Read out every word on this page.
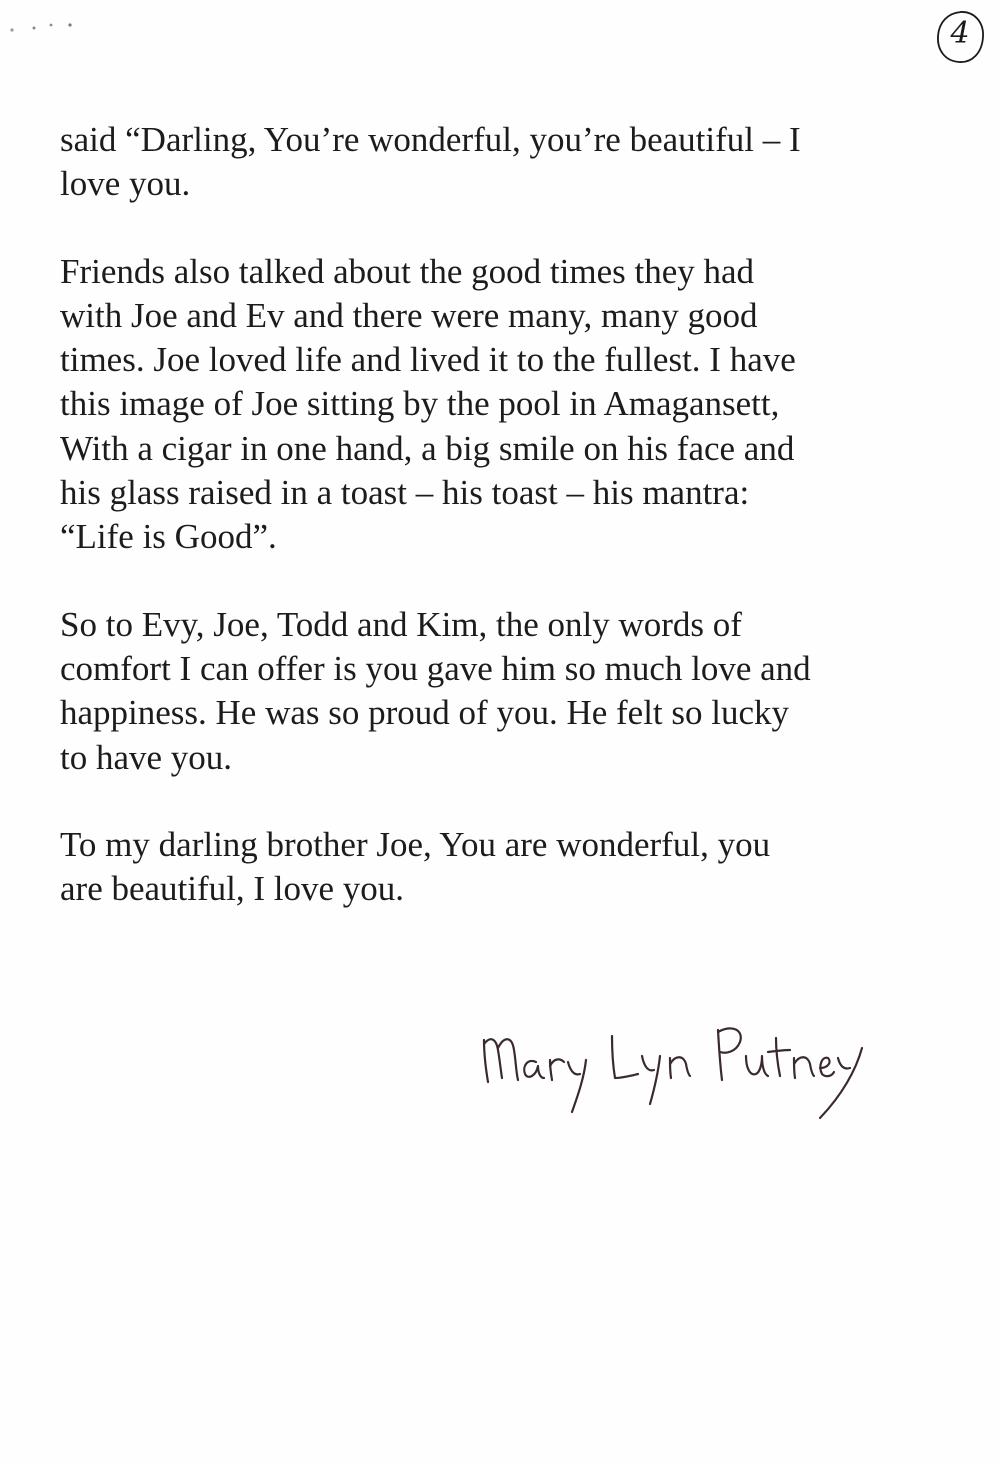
4

said “Darling, You’re wonderful, you’re beautiful – I
love you.

Friends also talked about the good times they had
with Joe and Ev and there were many, many good
times. Joe loved life and lived it to the fullest. I have
this image of Joe sitting by the pool in Amagansett,
With a cigar in one hand, a big smile on his face and
his glass raised in a toast – his toast – his mantra:
“Life is Good”.

So to Evy, Joe, Todd and Kim, the only words of
comfort I can offer is you gave him so much love and
happiness. He was so proud of you. He felt so lucky
to have you.

To my darling brother Joe, You are wonderful, you
are beautiful, I love you.
